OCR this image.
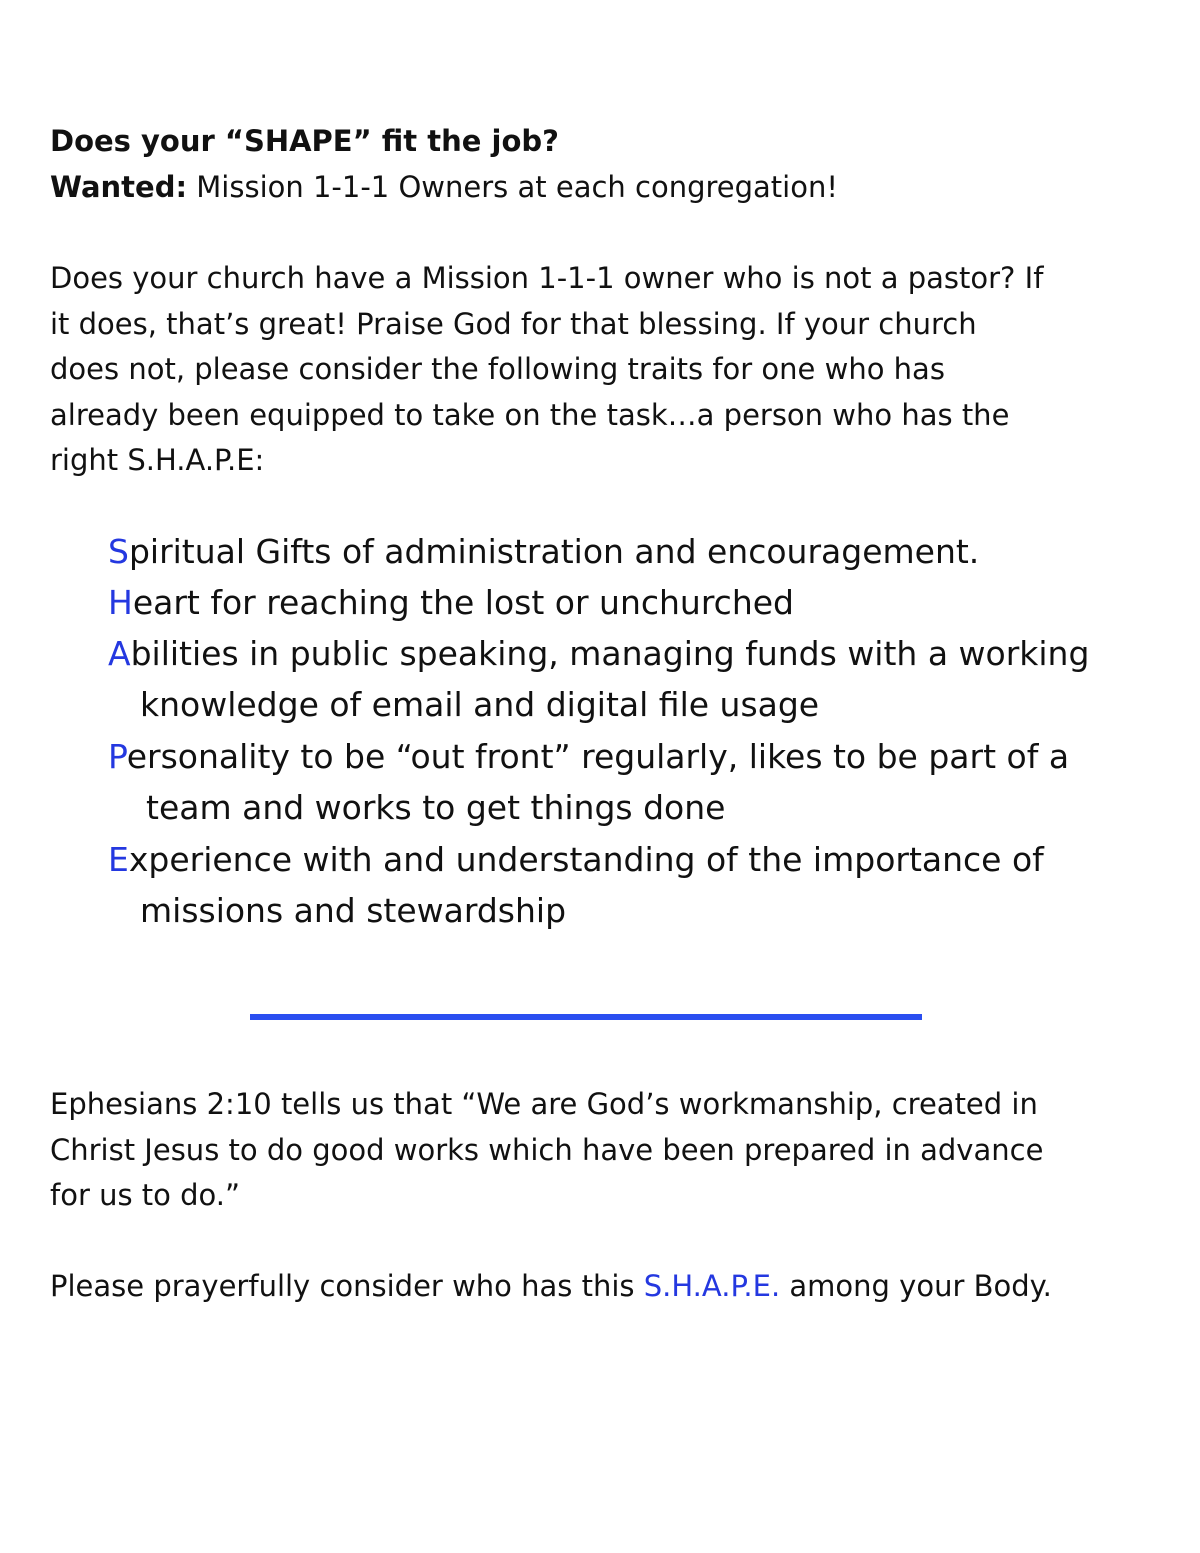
Does your “SHAPE” fit the job?
Wanted: Mission 1-1-1 Owners at each congregation!
Does your church have a Mission 1-1-1 owner who is not a pastor? If
it does, that’s great! Praise God for that blessing. If your church
does not, please consider the following traits for one who has
already been equipped to take on the task…a person who has the
right S.H.A.P.E:
Spiritual Gifts of administration and encouragement.
Heart for reaching the lost or unchurched
Abilities in public speaking, managing funds with a working
knowledge of email and digital file usage
Personality to be “out front” regularly, likes to be part of a
team and works to get things done
Experience with and understanding of the importance of
missions and stewardship
Ephesians 2:10 tells us that “We are God’s workmanship, created in
Christ Jesus to do good works which have been prepared in advance
for us to do.”
Please prayerfully consider who has this S.H.A.P.E. among your Body.
